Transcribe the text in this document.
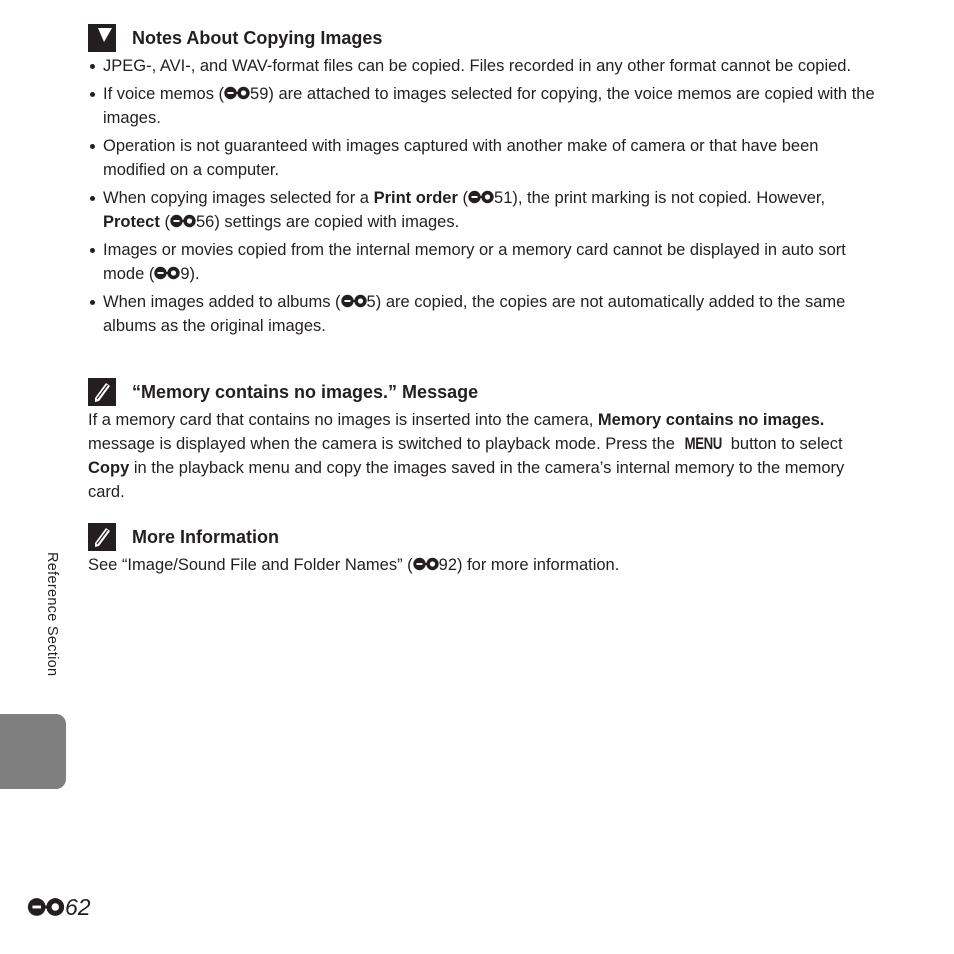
Notes About Copying Images
JPEG-, AVI-, and WAV-format files can be copied. Files recorded in any other format cannot be copied.
If voice memos ( 59) are attached to images selected for copying, the voice memos are copied with the images.
Operation is not guaranteed with images captured with another make of camera or that have been modified on a computer.
When copying images selected for a Print order ( 51), the print marking is not copied. However, Protect ( 56) settings are copied with images.
Images or movies copied from the internal memory or a memory card cannot be displayed in auto sort mode ( 9).
When images added to albums ( 5) are copied, the copies are not automatically added to the same albums as the original images.
“Memory contains no images.” Message

If a memory card that contains no images is inserted into the camera, Memory contains no images. message is displayed when the camera is switched to playback mode. Press the MENU button to select Copy in the playback menu and copy the images saved in the camera’s internal memory to the memory card.

More Information

See “Image/Sound File and Folder Names” ( 92) for more information.

Reference Section
62
